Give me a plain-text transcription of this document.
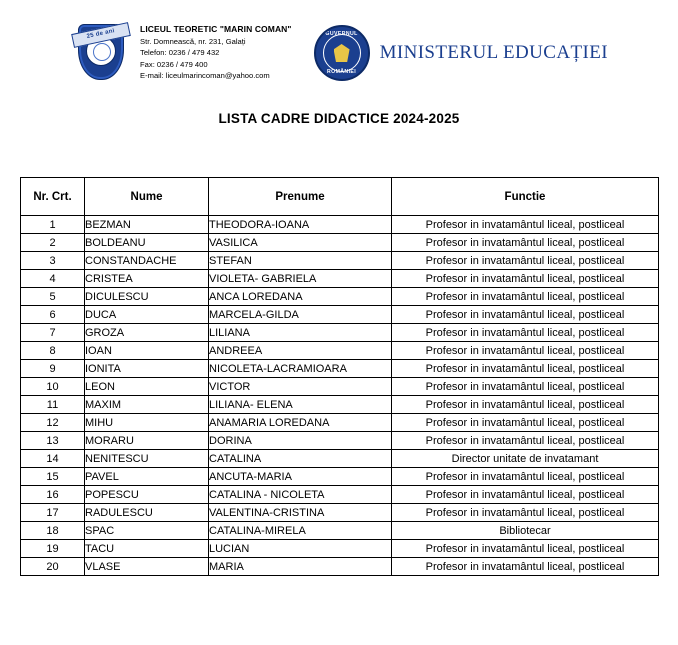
25 de ani	LICEUL TEORETIC "MARIN COMAN"
Str. Domnească, nr. 231, Galați
Telefon: 0236 / 479 432
Fax: 0236 / 479 400
E-mail: liceulmarincoman@yahoo.com
GUVERNUL
ROMÂNIEI
MINISTERUL EDUCAȚIEI
LISTA CADRE DIDACTICE 2024-2025
Nr. Crt.	Nume	Prenume	Functie
1	BEZMAN	THEODORA-IOANA	Profesor in invatamântul liceal, postliceal
2	BOLDEANU	VASILICA	Profesor in invatamântul liceal, postliceal
3	CONSTANDACHE	STEFAN	Profesor in invatamântul liceal, postliceal
4	CRISTEA	VIOLETA- GABRIELA	Profesor in invatamântul liceal, postliceal
5	DICULESCU	ANCA LOREDANA	Profesor in invatamântul liceal, postliceal
6	DUCA	MARCELA-GILDA	Profesor in invatamântul liceal, postliceal
7	GROZA	LILIANA	Profesor in invatamântul liceal, postliceal
8	IOAN	ANDREEA	Profesor in invatamântul liceal, postliceal
9	IONITA	NICOLETA-LACRAMIOARA	Profesor in invatamântul liceal, postliceal
10	LEON	VICTOR	Profesor in invatamântul liceal, postliceal
11	MAXIM	LILIANA- ELENA	Profesor in invatamântul liceal, postliceal
12	MIHU	ANAMARIA LOREDANA	Profesor in invatamântul liceal, postliceal
13	MORARU	DORINA	Profesor in invatamântul liceal, postliceal
14	NENITESCU	CATALINA	Director unitate de invatamant
15	PAVEL	ANCUTA-MARIA	Profesor in invatamântul liceal, postliceal
16	POPESCU	CATALINA - NICOLETA	Profesor in invatamântul liceal, postliceal
17	RADULESCU	VALENTINA-CRISTINA	Profesor in invatamântul liceal, postliceal
18	SPAC	CATALINA-MIRELA	Bibliotecar
19	TACU	LUCIAN	Profesor in invatamântul liceal, postliceal
20	VLASE	MARIA	Profesor in invatamântul liceal, postliceal
